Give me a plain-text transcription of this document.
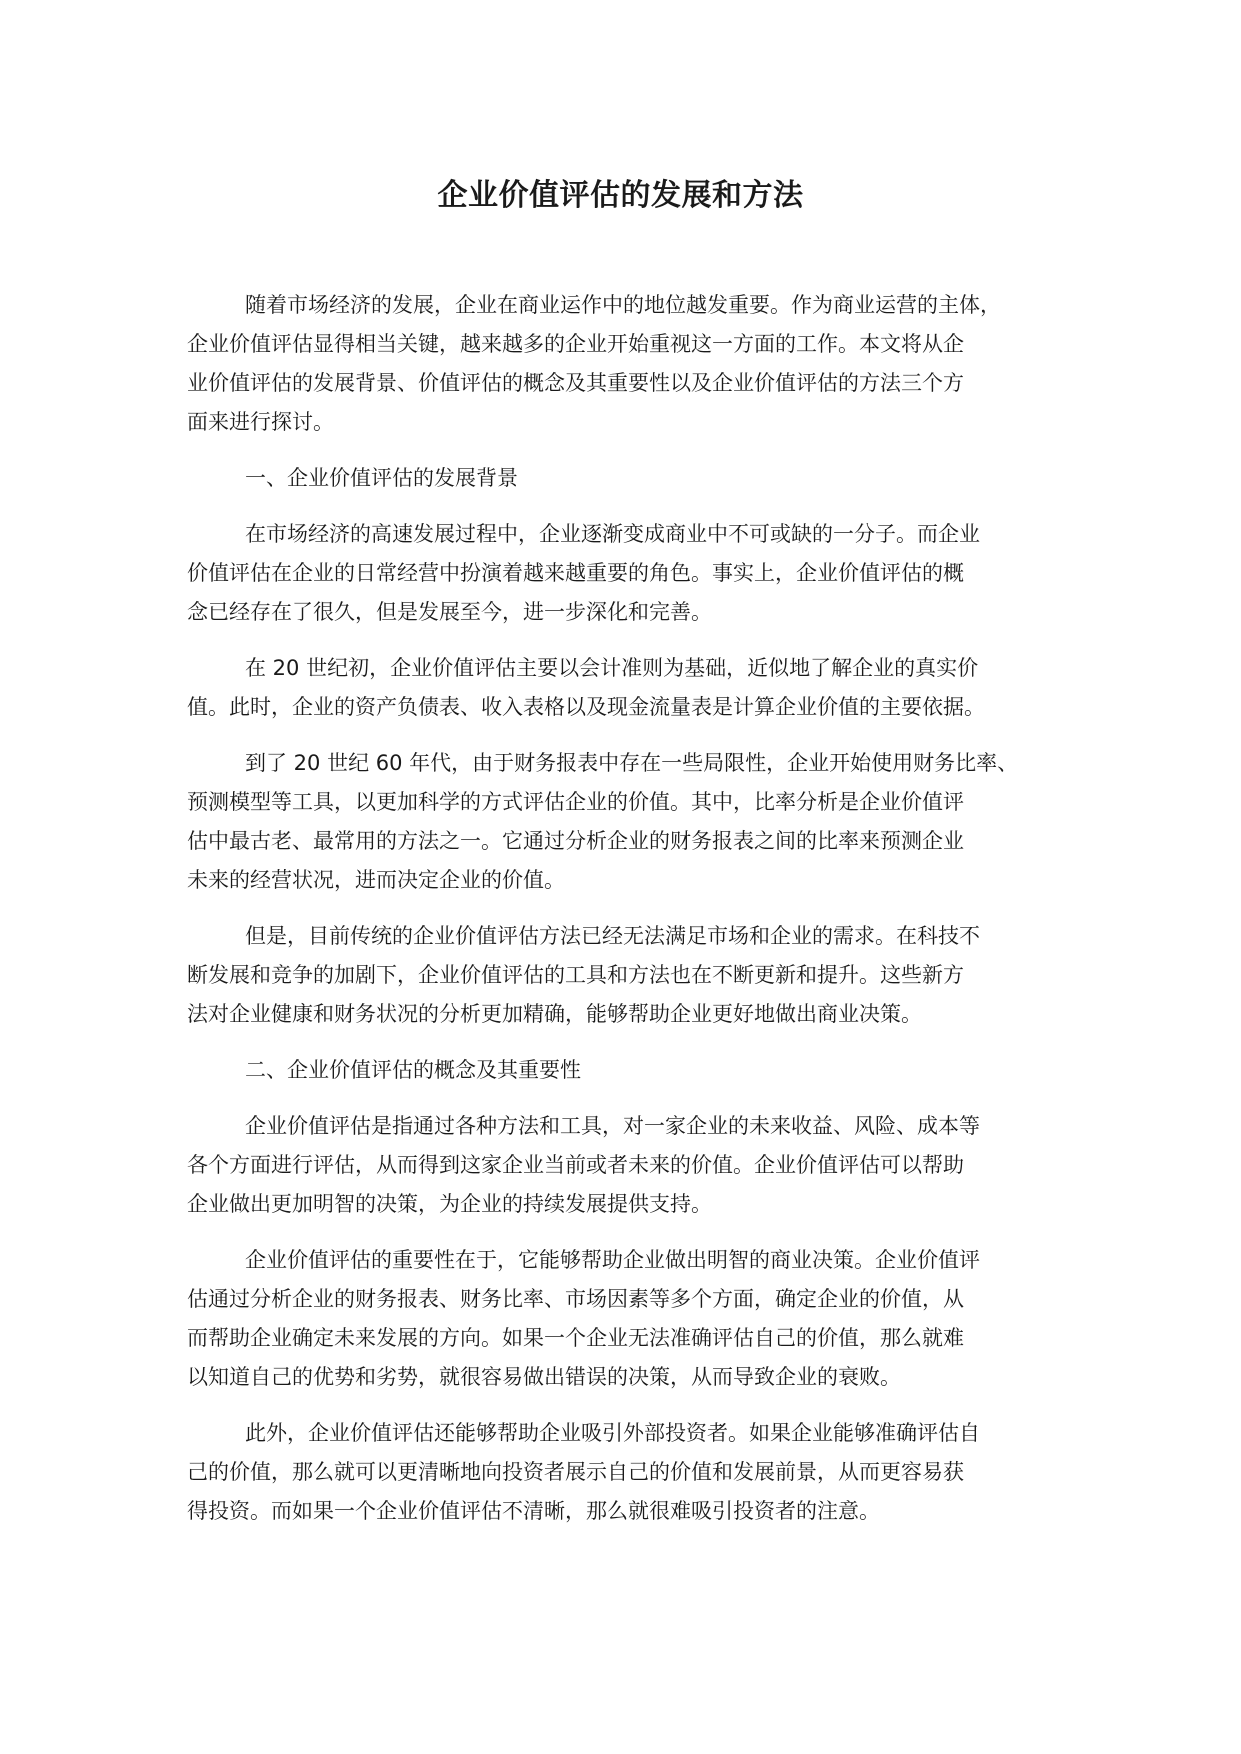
企业价值评估的发展和方法
随着市场经济的发展，企业在商业运作中的地位越发重要。作为商业运营的主体，
企业价值评估显得相当关键，越来越多的企业开始重视这一方面的工作。本文将从企
业价值评估的发展背景、价值评估的概念及其重要性以及企业价值评估的方法三个方
面来进行探讨。
一、企业价值评估的发展背景
在市场经济的高速发展过程中，企业逐渐变成商业中不可或缺的一分子。而企业
价值评估在企业的日常经营中扮演着越来越重要的角色。事实上，企业价值评估的概
念已经存在了很久，但是发展至今，进一步深化和完善。
在 20 世纪初，企业价值评估主要以会计准则为基础，近似地了解企业的真实价
值。此时，企业的资产负债表、收入表格以及现金流量表是计算企业价值的主要依据。
到了 20 世纪 60 年代，由于财务报表中存在一些局限性，企业开始使用财务比率、
预测模型等工具，以更加科学的方式评估企业的价值。其中，比率分析是企业价值评
估中最古老、最常用的方法之一。它通过分析企业的财务报表之间的比率来预测企业
未来的经营状况，进而决定企业的价值。
但是，目前传统的企业价值评估方法已经无法满足市场和企业的需求。在科技不
断发展和竞争的加剧下，企业价值评估的工具和方法也在不断更新和提升。这些新方
法对企业健康和财务状况的分析更加精确，能够帮助企业更好地做出商业决策。
二、企业价值评估的概念及其重要性
企业价值评估是指通过各种方法和工具，对一家企业的未来收益、风险、成本等
各个方面进行评估，从而得到这家企业当前或者未来的价值。企业价值评估可以帮助
企业做出更加明智的决策，为企业的持续发展提供支持。
企业价值评估的重要性在于，它能够帮助企业做出明智的商业决策。企业价值评
估通过分析企业的财务报表、财务比率、市场因素等多个方面，确定企业的价值，从
而帮助企业确定未来发展的方向。如果一个企业无法准确评估自己的价值，那么就难
以知道自己的优势和劣势，就很容易做出错误的决策，从而导致企业的衰败。
此外，企业价值评估还能够帮助企业吸引外部投资者。如果企业能够准确评估自
己的价值，那么就可以更清晰地向投资者展示自己的价值和发展前景，从而更容易获
得投资。而如果一个企业价值评估不清晰，那么就很难吸引投资者的注意。
